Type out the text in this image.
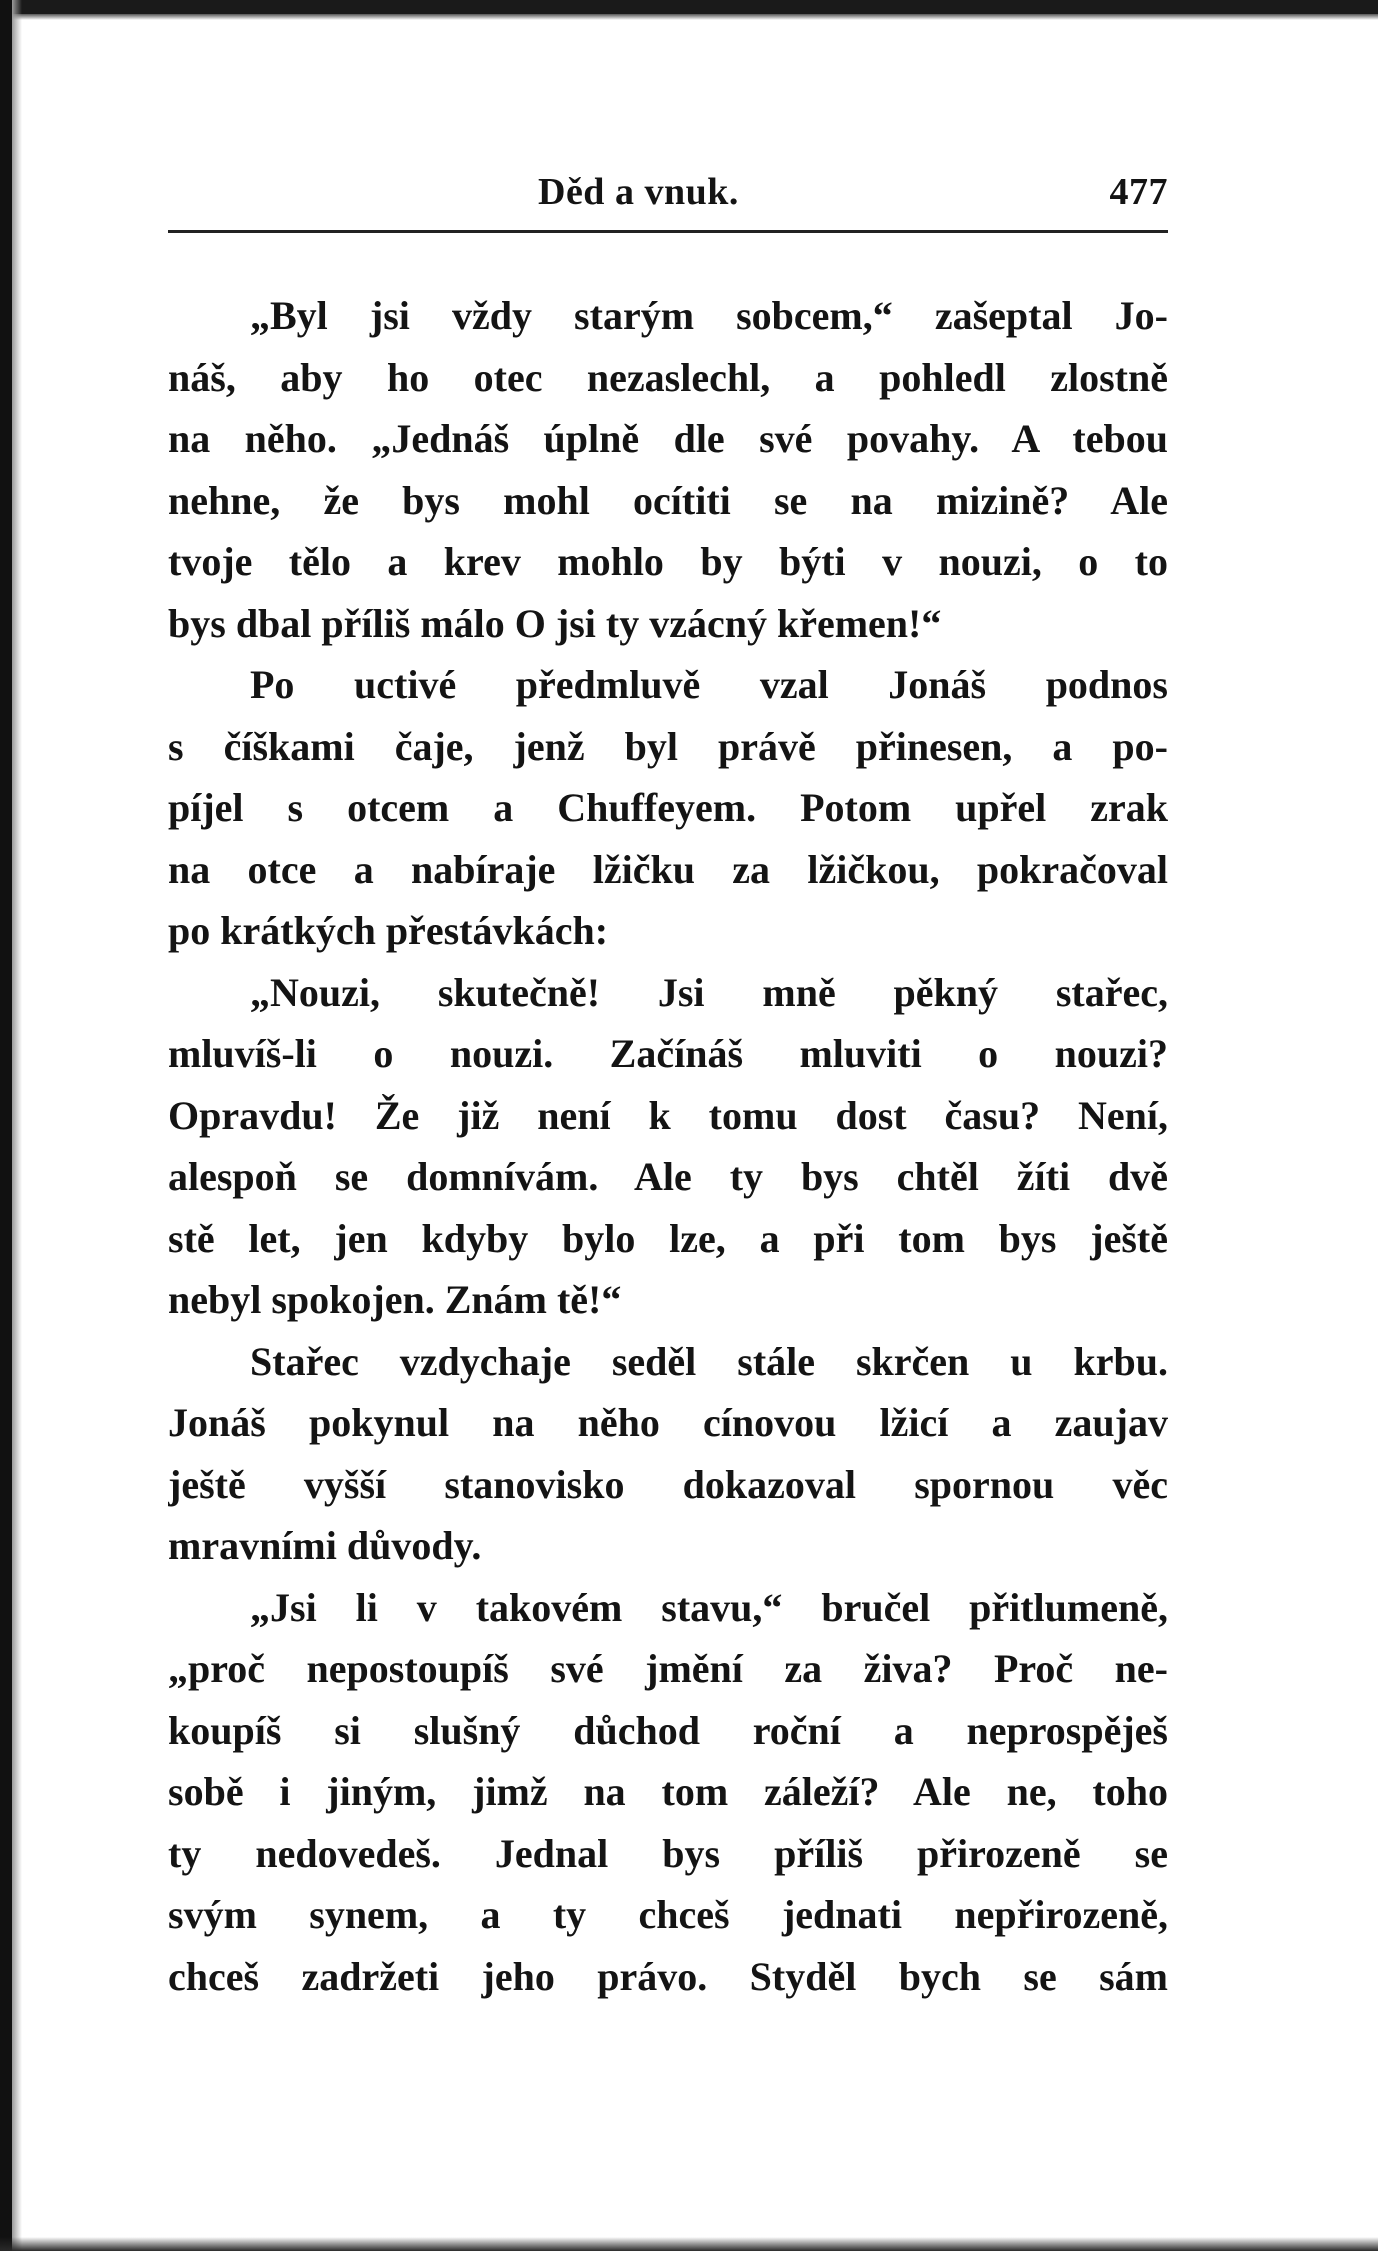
Děd a vnuk.	477
„Byl jsi vždy starým sobcem,“ zašeptal Jo-
náš, aby ho otec nezaslechl, a pohledl zlostně
na něho. „Jednáš úplně dle své povahy. A tebou
nehne, že bys mohl ocítiti se na mizině? Ale
tvoje tělo a krev mohlo by býti v nouzi, o to
bys dbal příliš málo O jsi ty vzácný křemen!“
Po uctivé předmluvě vzal Jonáš podnos
s číškami čaje, jenž byl právě přinesen, a po-
píjel s otcem a Chuffeyem. Potom upřel zrak
na otce a nabíraje lžičku za lžičkou, pokračoval
po krátkých přestávkách:
„Nouzi, skutečně! Jsi mně pěkný stařec,
mluvíš-li o nouzi. Začínáš mluviti o nouzi?
Opravdu! Že již není k tomu dost času? Není,
alespoň se domnívám. Ale ty bys chtěl žíti dvě
stě let, jen kdyby bylo lze, a při tom bys ještě
nebyl spokojen. Znám tě!“
Stařec vzdychaje seděl stále skrčen u krbu.
Jonáš pokynul na něho cínovou lžicí a zaujav
ještě vyšší stanovisko dokazoval spornou věc
mravními důvody.
„Jsi li v takovém stavu,“ bručel přitlumeně,
„proč nepostoupíš své jmění za živa? Proč ne-
koupíš si slušný důchod roční a neprospěješ
sobě i jiným, jimž na tom záleží? Ale ne, toho
ty nedovedeš. Jednal bys příliš přirozeně se
svým synem, a ty chceš jednati nepřirozeně,
chceš zadržeti jeho právo. Styděl bych se sám
